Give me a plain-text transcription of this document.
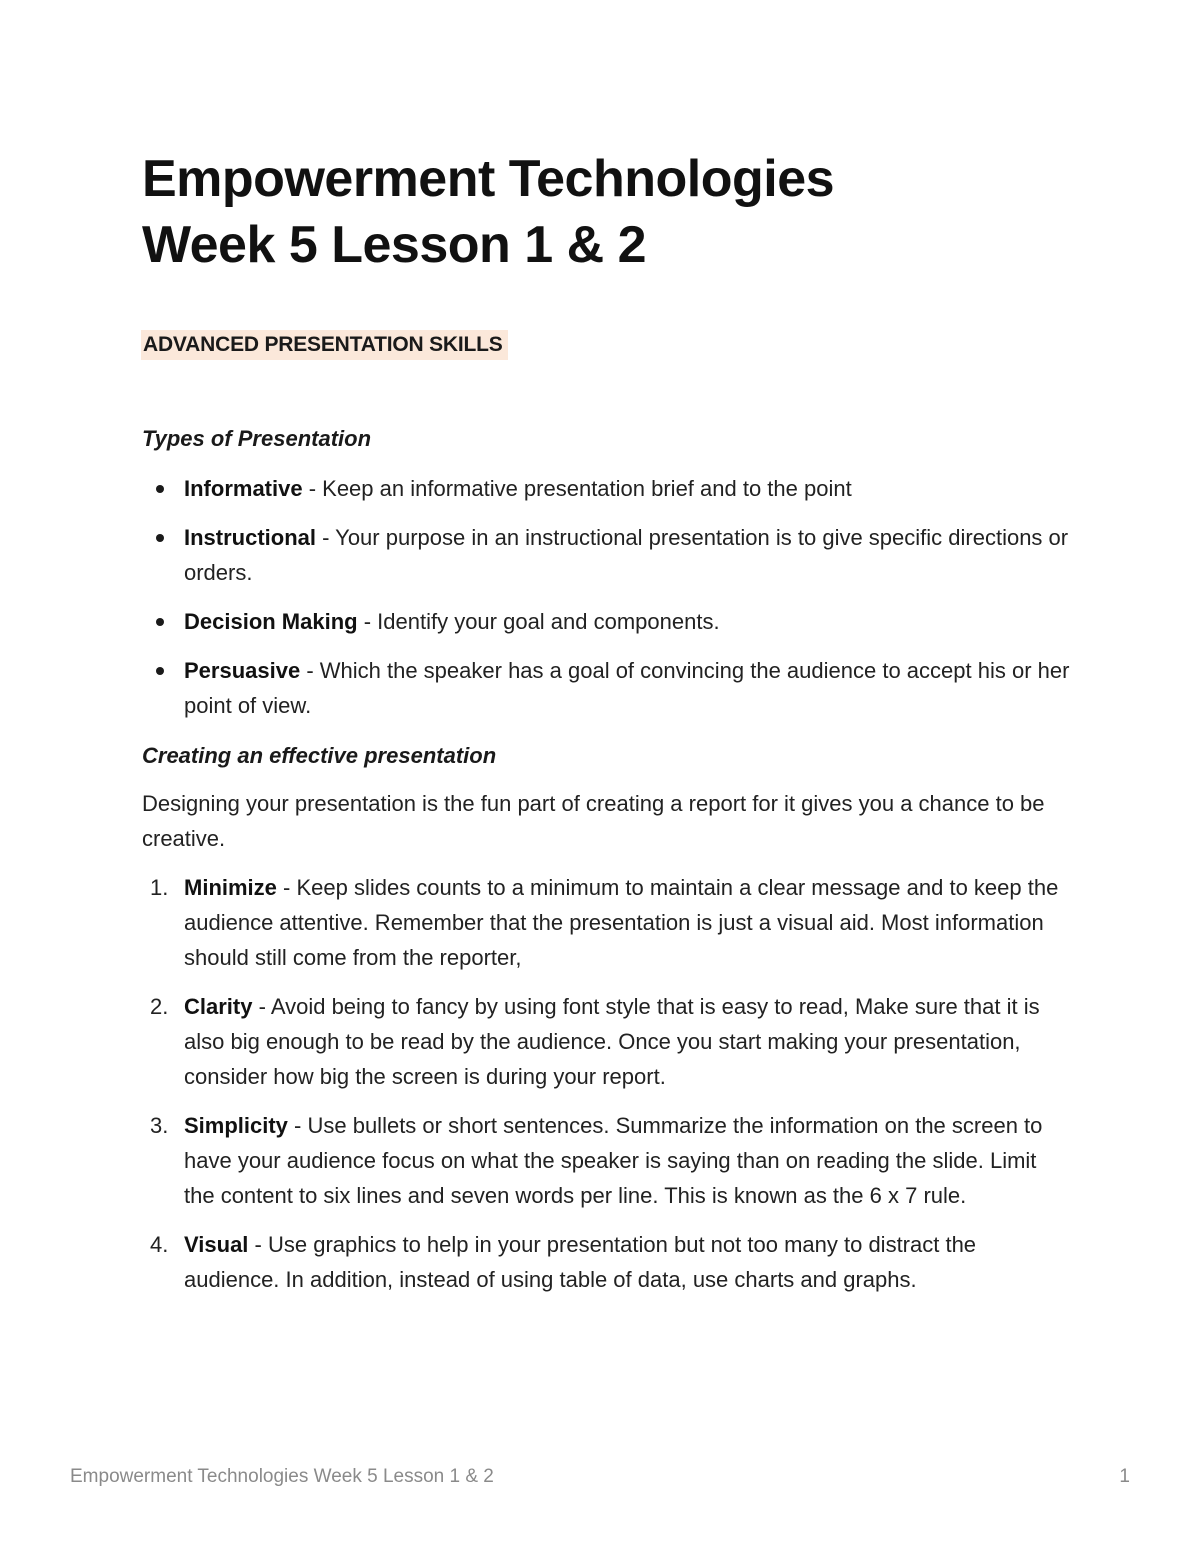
Empowerment Technologies
Week 5 Lesson 1 & 2
ADVANCED PRESENTATION SKILLS
Types of Presentation
Informative - Keep an informative presentation brief and to the point
Instructional - Your purpose in an instructional presentation is to give specific directions or orders.
Decision Making - Identify your goal and components.
Persuasive - Which the speaker has a goal of convincing the audience to accept his or her point of view.
Creating an effective presentation

Designing your presentation is the fun part of creating a report for it gives you a chance to be creative.

1. Minimize - Keep slides counts to a minimum to maintain a clear message and to keep the audience attentive. Remember that the presentation is just a visual aid. Most information should still come from the reporter,
2. Clarity - Avoid being to fancy by using font style that is easy to read, Make sure that it is also big enough to be read by the audience. Once you start making your presentation, consider how big the screen is during your report.
3. Simplicity - Use bullets or short sentences. Summarize the information on the screen to have your audience focus on what the speaker is saying than on reading the slide. Limit the content to six lines and seven words per line. This is known as the 6 x 7 rule.
4. Visual - Use graphics to help in your presentation but not too many to distract the audience. In addition, instead of using table of data, use charts and graphs.
Empowerment Technologies Week 5 Lesson 1 & 2	1
